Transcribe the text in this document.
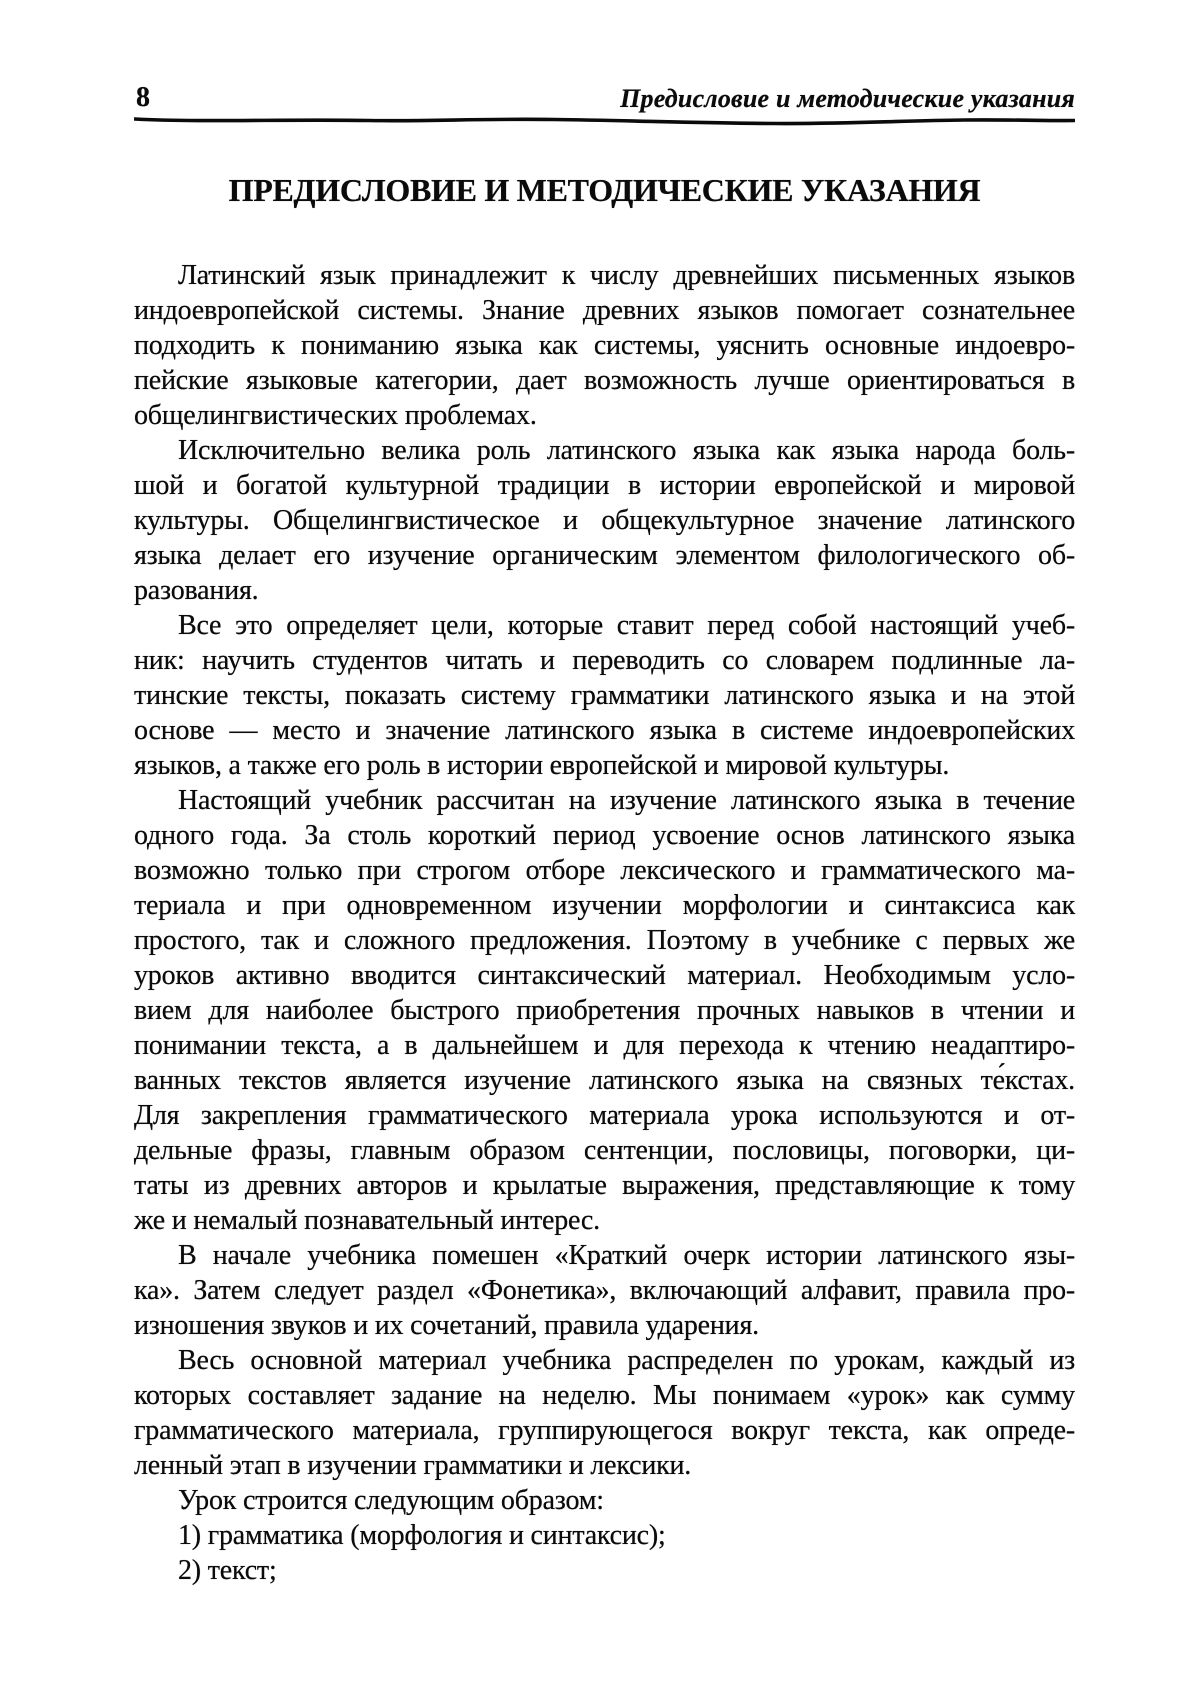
8	Предисловие и методические указания
ПРЕДИСЛОВИЕ И МЕТОДИЧЕСКИЕ УКАЗАНИЯ
Латинский язык принадлежит к числу древнейших письменных языков
индоевропейской системы. Знание древних языков помогает сознательнее
подходить к пониманию языка как системы, уяснить основные индоевро-
пейские языковые категории, дает возможность лучше ориентироваться в
общелингвистических проблемах.
Исключительно велика роль латинского языка как языка народа боль-
шой и богатой культурной традиции в истории европейской и мировой
культуры. Общелингвистическое и общекультурное значение латинского
языка делает его изучение органическим элементом филологического об-
разования.
Все это определяет цели, которые ставит перед собой настоящий учеб-
ник: научить студентов читать и переводить со словарем подлинные ла-
тинские тексты, показать систему грамматики латинского языка и на этой
основе — место и значение латинского языка в системе индоевропейских
языков, а также его роль в истории европейской и мировой культуры.
Настоящий учебник рассчитан на изучение латинского языка в течение
одного года. За столь короткий период усвоение основ латинского языка
возможно только при строгом отборе лексического и грамматического ма-
териала и при одновременном изучении морфологии и синтаксиса как
простого, так и сложного предложения. Поэтому в учебнике с первых же
уроков активно вводится синтаксический материал. Необходимым усло-
вием для наиболее быстрого приобретения прочных навыков в чтении и
понимании текста, а в дальнейшем и для перехода к чтению неадаптиро-
ванных текстов является изучение латинского языка на связных те́кстах.
Для закрепления грамматического материала урока используются и от-
дельные фразы, главным образом сентенции, пословицы, поговорки, ци-
таты из древних авторов и крылатые выражения, представляющие к тому
же и немалый познавательный интерес.
В начале учебника помешен «Краткий очерк истории латинского язы-
ка». Затем следует раздел «Фонетика», включающий алфавит, правила про-
изношения звуков и их сочетаний, правила ударения.
Весь основной материал учебника распределен по урокам, каждый из
которых составляет задание на неделю. Мы понимаем «урок» как сумму
грамматического материала, группирующегося вокруг текста, как опреде-
ленный этап в изучении грамматики и лексики.
Урок строится следующим образом:
1) грамматика (морфология и синтаксис);
2) текст;
